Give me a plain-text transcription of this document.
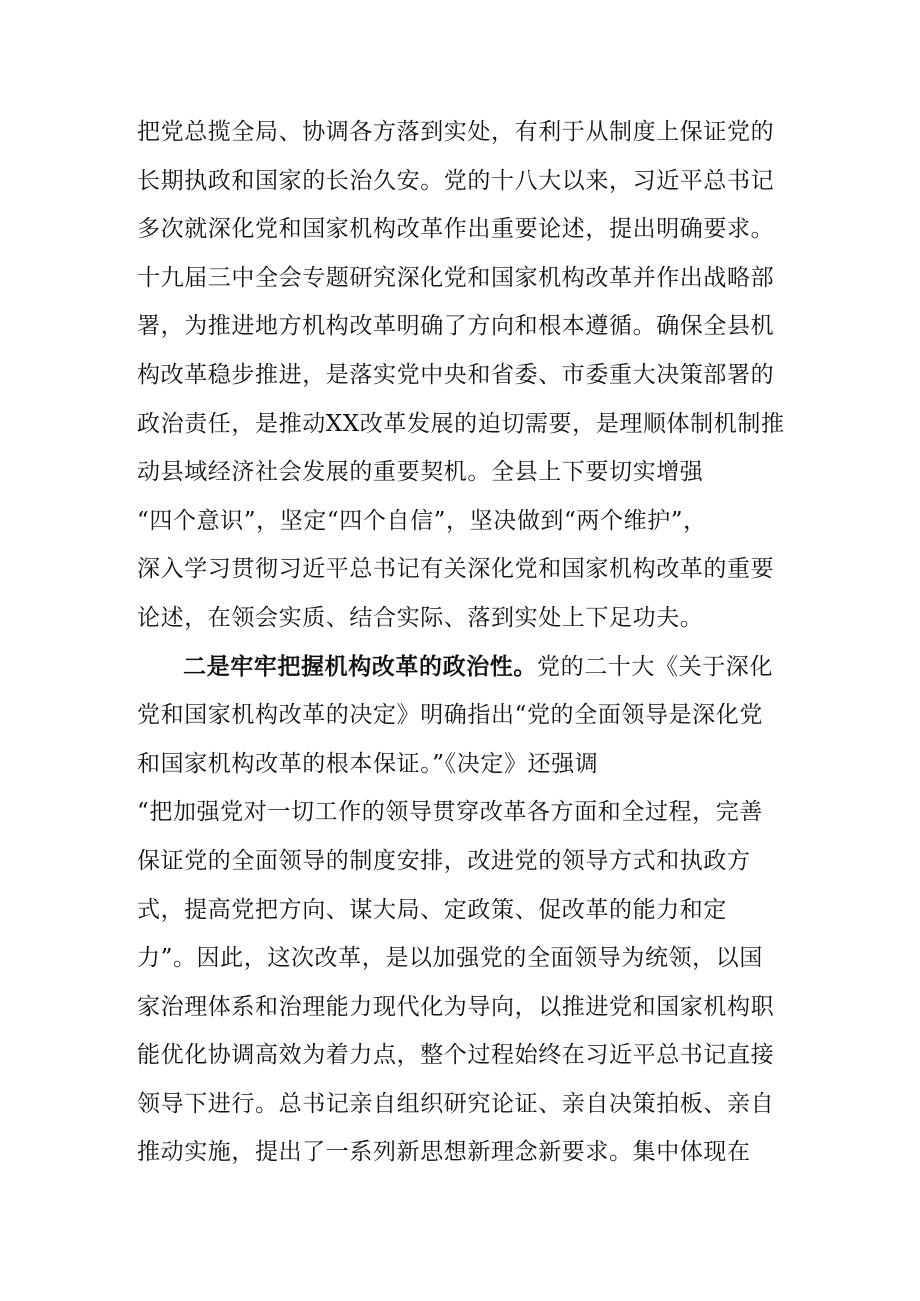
把党总揽全局、协调各方落到实处，有利于从制度上保证党的
长期执政和国家的长治久安。党的十八大以来，习近平总书记
多次就深化党和国家机构改革作出重要论述，提出明确要求。
十九届三中全会专题研究深化党和国家机构改革并作出战略部
署，为推进地方机构改革明确了方向和根本遵循。确保全县机
构改革稳步推进，是落实党中央和省委、市委重大决策部署的
政治责任，是推动XX改革发展的迫切需要，是理顺体制机制推
动县域经济社会发展的重要契机。全县上下要切实增强
“四个意识”，坚定“四个自信”，坚决做到“两个维护”，
深入学习贯彻习近平总书记有关深化党和国家机构改革的重要
论述，在领会实质、结合实际、落到实处上下足功夫。
二是牢牢把握机构改革的政治性。党的二十大《关于深化
党和国家机构改革的决定》明确指出“党的全面领导是深化党
和国家机构改革的根本保证。”《决定》还强调
“把加强党对一切工作的领导贯穿改革各方面和全过程，完善
保证党的全面领导的制度安排，改进党的领导方式和执政方
式，提高党把方向、谋大局、定政策、促改革的能力和定
力”。因此，这次改革，是以加强党的全面领导为统领，以国
家治理体系和治理能力现代化为导向，以推进党和国家机构职
能优化协调高效为着力点，整个过程始终在习近平总书记直接
领导下进行。总书记亲自组织研究论证、亲自决策拍板、亲自
推动实施，提出了一系列新思想新理念新要求。集中体现在
